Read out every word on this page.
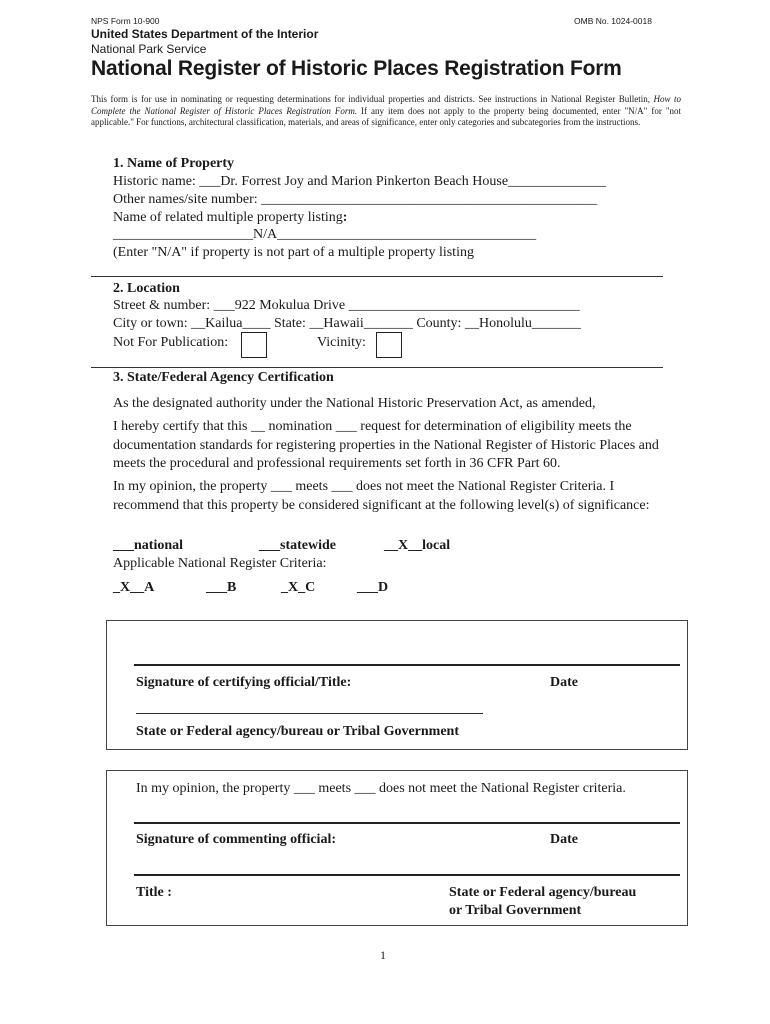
NPS Form 10-900	OMB No. 1024-0018
United States Department of the Interior
National Park Service
National Register of Historic Places Registration Form
This form is for use in nominating or requesting determinations for individual properties and districts. See instructions in National Register Bulletin, How to Complete the National Register of Historic Places Registration Form. If any item does not apply to the property being documented, enter "N/A" for "not applicable." For functions, architectural classification, materials, and areas of significance, enter only categories and subcategories from the instructions.
1. Name of Property
Historic name: ___Dr. Forrest Joy and Marion Pinkerton Beach House______________
Other names/site number: ________________________________________________
Name of related multiple property listing:
____________________N/A_____________________________________
(Enter "N/A" if property is not part of a multiple property listing
2. Location
Street & number: ___922 Mokulua Drive _________________________________
City or town: __Kailua____ State: __Hawaii_______ County: __Honolulu_______
Not For Publication:	Vicinity:
3. State/Federal Agency Certification
As the designated authority under the National Historic Preservation Act, as amended,
I hereby certify that this __ nomination ___ request for determination of eligibility meets the documentation standards for registering properties in the National Register of Historic Places and meets the procedural and professional requirements set forth in 36 CFR Part 60.
In my opinion, the property ___ meets ___ does not meet the National Register Criteria. I recommend that this property be considered significant at the following level(s) of significance:
___national	___statewide	__X__local
Applicable National Register Criteria:
_X__A	___B	_X_C	___D
Signature of certifying official/Title:	Date
State or Federal agency/bureau or Tribal Government
In my opinion, the property ___ meets ___ does not meet the National Register criteria.
Signature of commenting official:	Date
Title :	State or Federal agency/bureau
or Tribal Government
1
